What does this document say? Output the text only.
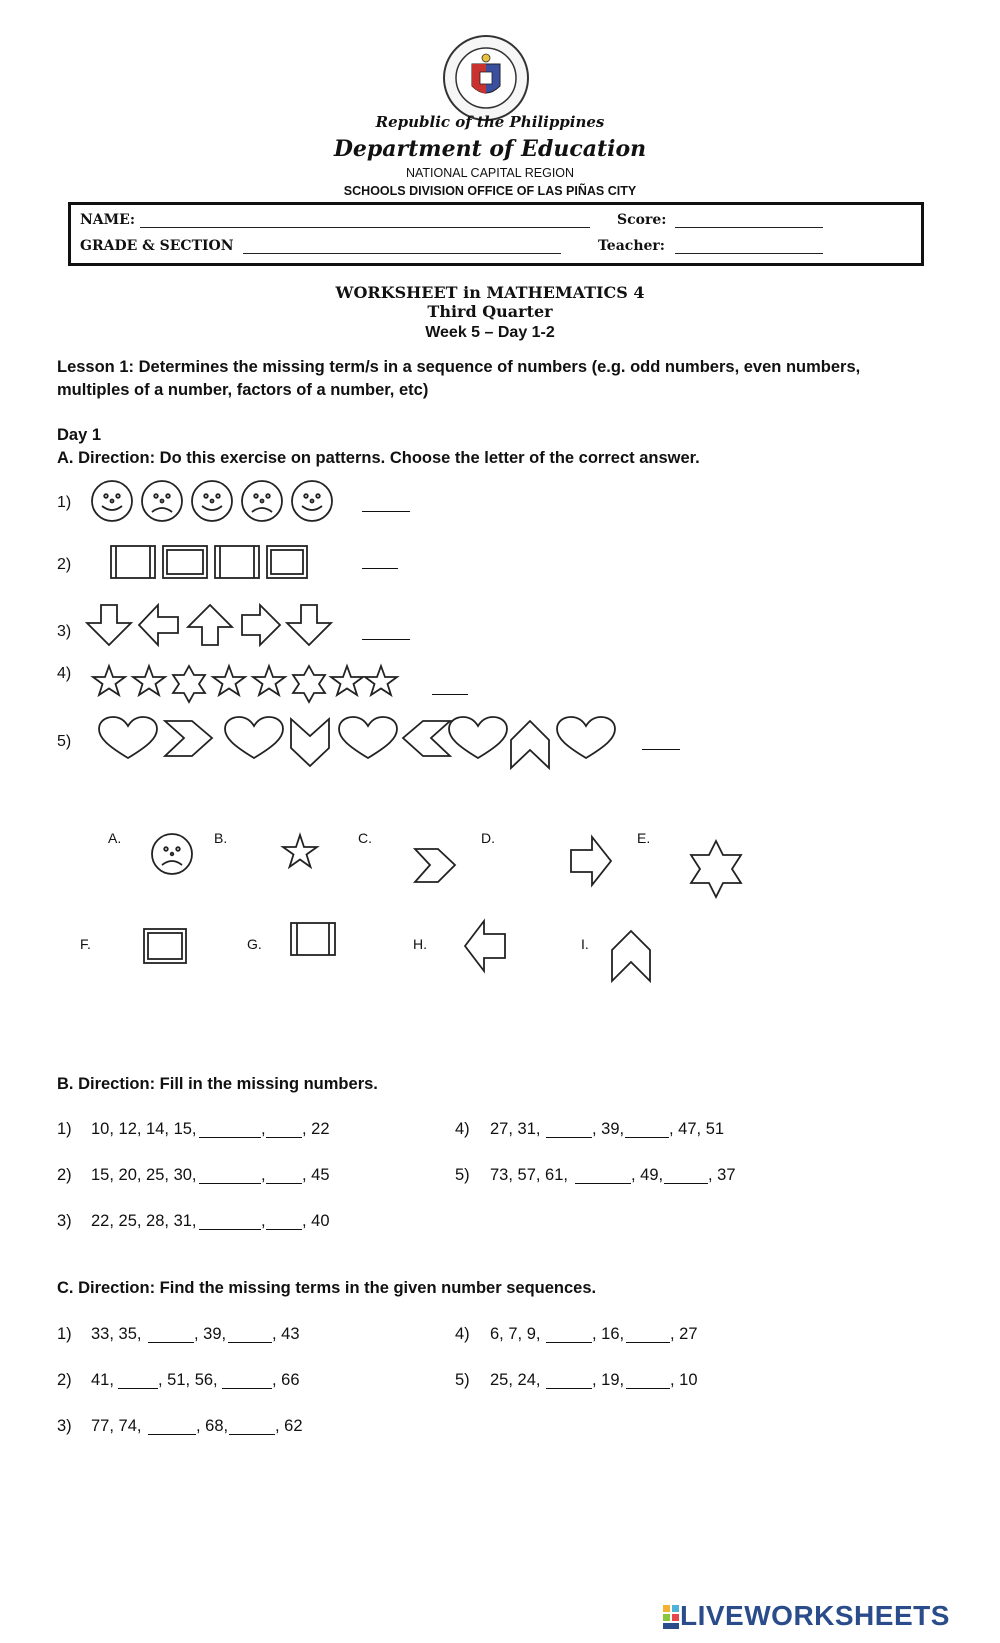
Republic of the Philippines
Department of Education
NATIONAL CAPITAL REGION
SCHOOLS DIVISION OFFICE OF LAS PIÑAS CITY
NAME:	Score:
GRADE & SECTION	Teacher:
WORKSHEET in MATHEMATICS 4
Third Quarter
Week 5 – Day 1-2
Lesson 1: Determines the missing term/s in a sequence of numbers (e.g. odd numbers, even numbers,
multiples of a number, factors of a number, etc)
Day 1
A. Direction: Do this exercise on patterns. Choose the letter of the correct answer.
1)
2)
3)
4)
5)
A.	B.	C.	D.	E.
F.	G.	H.	I.
B. Direction: Fill in the missing numbers.
1) 10, 12, 14, 15,	, , 22
2) 15, 20, 25, 30,	, , 45
3) 22, 25, 28, 31,	, , 40
4) 27, 31,	, 39,	, 47, 51
5) 73, 57, 61,	, 49,	, 37
C. Direction: Find the missing terms in the given number sequences.
1) 33, 35,	, 39,	, 43
2) 41,	, 51, 56,	, 66
3) 77, 74,	, 68,	, 62
4) 6, 7, 9,	, 16,	, 27
5) 25, 24,	, 19,	, 10
LIVEWORKSHEETS
